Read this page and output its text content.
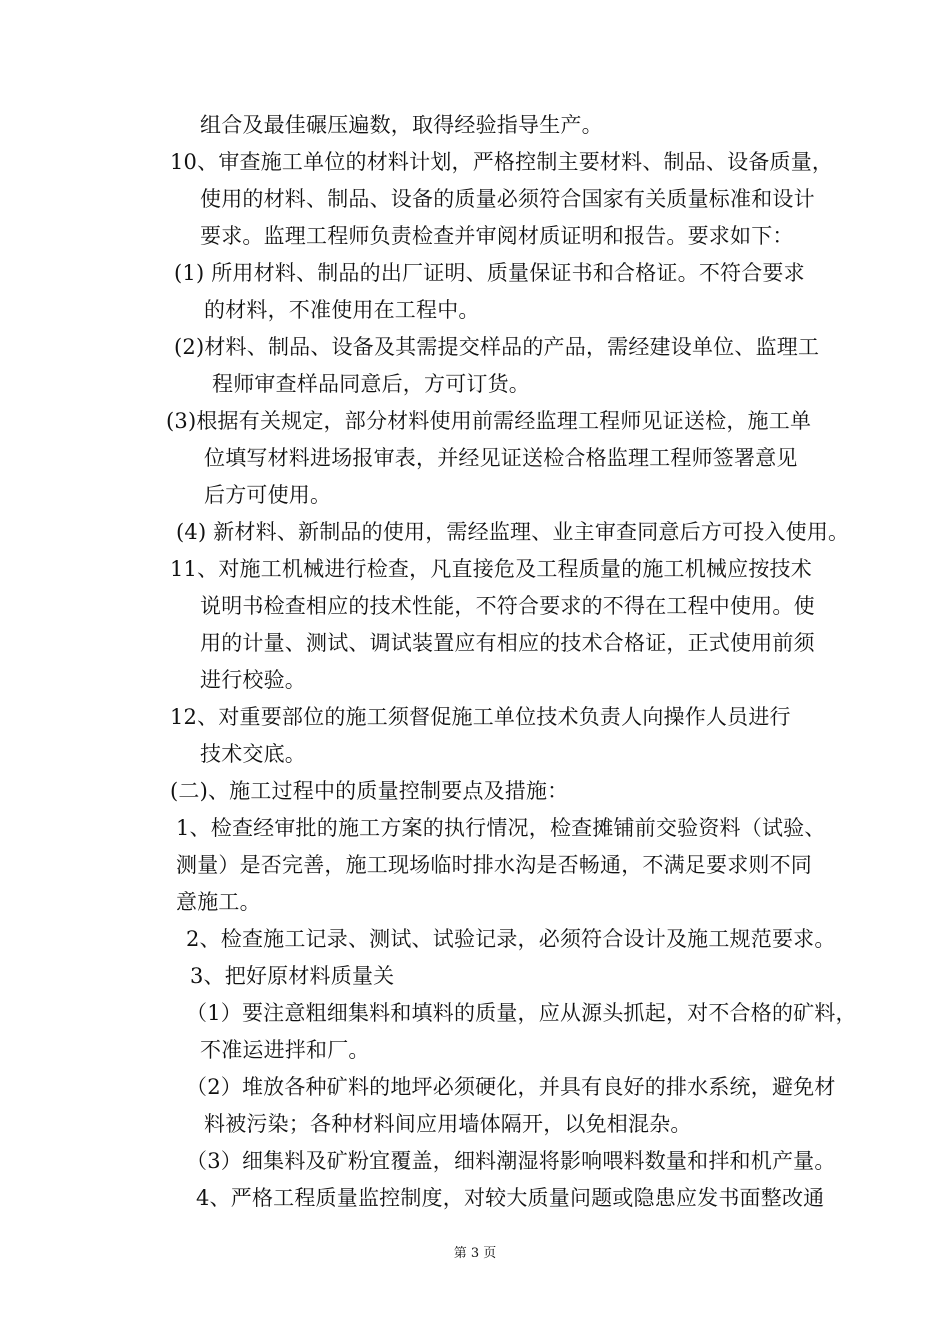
组合及最佳碾压遍数，取得经验指导生产。
10、审查施工单位的材料计划，严格控制主要材料、制品、设备质量，
使用的材料、制品、设备的质量必须符合国家有关质量标准和设计
要求。监理工程师负责检查并审阅材质证明和报告。要求如下：
(1) 所用材料、制品的出厂证明、质量保证书和合格证。不符合要求
的材料，不准使用在工程中。
(2)材料、制品、设备及其需提交样品的产品，需经建设单位、监理工
程师审查样品同意后，方可订货。
(3)根据有关规定，部分材料使用前需经监理工程师见证送检，施工单
位填写材料进场报审表，并经见证送检合格监理工程师签署意见
后方可使用。
(4) 新材料、新制品的使用，需经监理、业主审查同意后方可投入使用。
11、对施工机械进行检查，凡直接危及工程质量的施工机械应按技术
说明书检查相应的技术性能，不符合要求的不得在工程中使用。使
用的计量、测试、调试装置应有相应的技术合格证，正式使用前须
进行校验。
12、对重要部位的施工须督促施工单位技术负责人向操作人员进行
技术交底。
(二)、施工过程中的质量控制要点及措施：
1、检查经审批的施工方案的执行情况，检查摊铺前交验资料（试验、
测量）是否完善，施工现场临时排水沟是否畅通，不满足要求则不同
意施工。
2、检查施工记录、测试、试验记录，必须符合设计及施工规范要求。
3、把好原材料质量关
（1）要注意粗细集料和填料的质量，应从源头抓起，对不合格的矿料，
不准运进拌和厂。
（2）堆放各种矿料的地坪必须硬化，并具有良好的排水系统，避免材
料被污染；各种材料间应用墙体隔开，以免相混杂。
（3）细集料及矿粉宜覆盖，细料潮湿将影响喂料数量和拌和机产量。
4、严格工程质量监控制度，对较大质量问题或隐患应发书面整改通
第 3 页
